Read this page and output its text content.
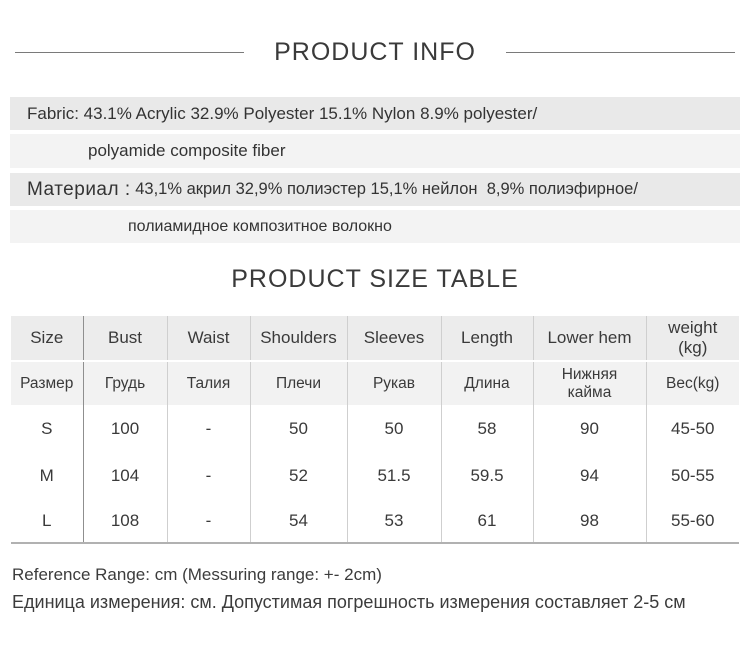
PRODUCT INFO
Fabric: 43.1% Acrylic 32.9% Polyester 15.1% Nylon 8.9% polyester/
polyamide composite fiber
Материал : 43,1% акрил 32,9% полиэстер 15,1% нейлон  8,9% полиэфирное/
полиамидное композитное волокно
PRODUCT SIZE TABLE
Size	Bust	Waist	Shoulders	Sleeves	Length	Lower hem	weight (kg)
Размер	Грудь	Талия	Плечи	Рукав	Длина	Нижняя кайма	Вес(kg)
S	100	-	50	50	58	90	45-50
M	104	-	52	51.5	59.5	94	50-55
L	108	-	54	53	61	98	55-60
Reference Range: cm (Messuring range: +- 2cm)
Единица измерения: см. Допустимая погрешность измерения составляет 2-5 см
